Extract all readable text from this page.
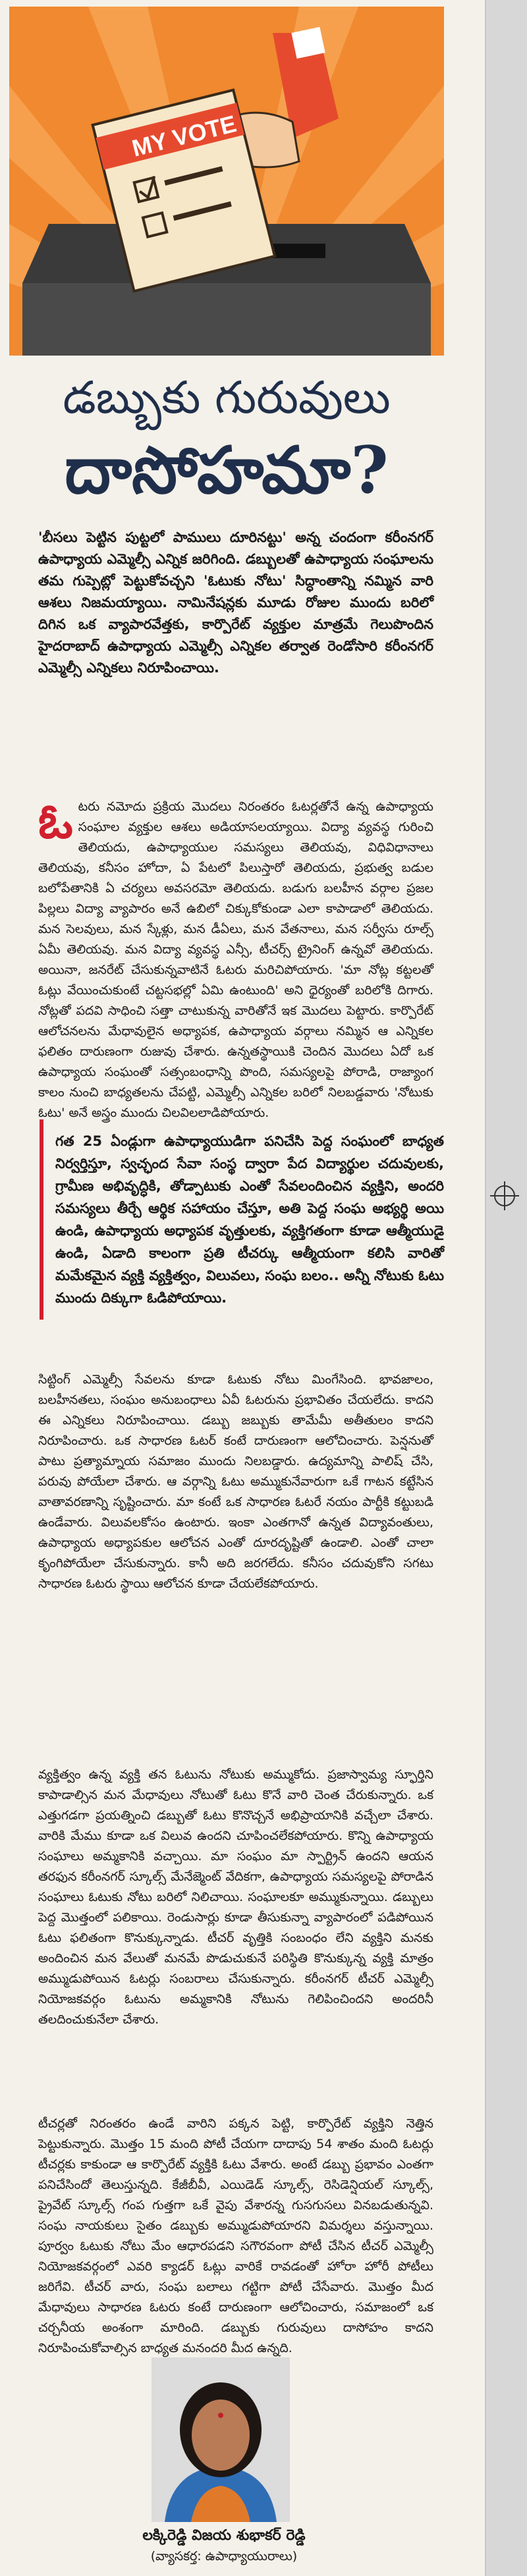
MY VOTE
డబ్బుకు గురువులు
దాసోహమా?
'బీసలు పెట్టిన పుట్టలో పాములు దూరినట్టు' అన్న చందంగా కరీంనగర్ ఉపాధ్యాయ ఎమ్మెల్సీ ఎన్నిక జరిగింది. డబ్బులతో ఉపాధ్యాయ సంఘాలను తమ గుప్పెట్లో పెట్టుకోవచ్చని 'ఓటుకు నోటు' సిద్ధాంతాన్ని నమ్మిన వారి ఆశలు నిజమయ్యాయి. నామినేషన్లకు మూడు రోజుల ముందు బరిలో దిగిన ఒక వ్యాపారవేత్తకు, కార్పొరేట్ వ్యక్తుల మాత్రమే గెలుపొందిన హైదరాబాద్ ఉపాధ్యాయ ఎమ్మెల్సీ ఎన్నికల తర్వాత రెండోసారి కరీంనగర్ ఎమ్మెల్సీ ఎన్నికలు నిరూపించాయి.
ఓ టరు నమోదు ప్రక్రియ మొదలు నిరంతరం ఓటర్లతోనే ఉన్న ఉపాధ్యాయ సంఘాల వ్యక్తుల ఆశలు అడియాసలయ్యాయి. విద్యా వ్యవస్థ గురించి తెలియదు, ఉపాధ్యాయుల సమస్యలు తెలియవు, విధివిధానాలు తెలియవు, కనీసం హోదా, ఏ పేటలో పిలుస్తారో తెలియదు, ప్రభుత్వ బడుల బలోపేతానికి ఏ చర్యలు అవసరమో తెలియదు. బడుగు బలహీన వర్గాల ప్రజల పిల్లలు విద్యా వ్యాపారం అనే ఉబిలో చిక్కుకోకుండా ఎలా కాపాడాలో తెలియదు. మన సెలవులు, మన స్కేళ్లు, మన డీఏలు, మన వేతనాలు, మన సర్వీసు రూల్స్ ఏమీ తెలియవు. మన విద్యా వ్యవస్థ ఎన్సీ, టీచర్స్ ట్రైనింగ్ ఉన్నవో తెలియదు. అయినా, జనరేట్ చేసుకున్నవాటినే ఓటరు మరిచిపోయారు. 'మా నోట్ల కట్టలతో ఓట్లు వేయించుకుంటే చట్టసభల్లో ఏమి ఉంటుంది' అని ధైర్యంతో బరిలోకి దిగారు. నోట్లతో పదవి సాధించి సత్తా చాటుకున్న వారితోనే ఇక మొదలు పెట్టారు. కార్పొరేట్ ఆలోచనలను మేధావులైన అధ్యాపక, ఉపాధ్యాయ వర్గాలు నమ్మిన ఆ ఎన్నికల ఫలితం దారుణంగా రుజువు చేశారు. ఉన్నతస్థాయికి చెందిన మొదలు ఏదో ఒక ఉపాధ్యాయ సంఘంతో సత్సంబంధాన్ని పొంది, సమస్యలపై పోరాడి, రాజ్యాంగ కాలం నుంచి బాధ్యతలను చేపట్టి, ఎమ్మెల్సీ ఎన్నికల బరిలో నిలబడ్డవారు 'నోటుకు ఓటు' అనే అస్త్రం ముందు చిలవిలలాడిపోయారు.
గత 25 ఏండ్లుగా ఉపాధ్యాయుడిగా పనిచేసి పెద్ద సంఘంలో బాధ్యత నిర్వర్తిస్తూ, స్వచ్ఛంద సేవా సంస్థ ద్వారా పేద విద్యార్థుల చదువులకు, గ్రామీణ అభివృద్ధికి, తోడ్పాటుకు ఎంతో సేవలందించిన వ్యక్తిని, అందరి సమస్యలు తీర్చే ఆర్థిక సహాయం చేస్తూ, అతి పెద్ద సంఘ అభ్యర్థి అయి ఉండి, ఉపాధ్యాయ అధ్యాపక వృత్తులకు, వ్యక్తిగతంగా కూడా ఆత్మీయుడై ఉండి, ఏడాది కాలంగా ప్రతి టీచర్కు ఆత్మీయంగా కలిసి వారితో మమేకమైన వ్యక్తి వ్యక్తిత్వం, విలువలు, సంఘ బలం.. అన్నీ నోటుకు ఓటు ముందు దిక్కుగా ఓడిపోయాయి.
సిట్టింగ్ ఎమ్మెల్సీ సేవలను కూడా ఓటుకు నోటు మింగేసింది. భావజాలం, బలహీనతలు, సంఘం అనుబంధాలు ఏవీ ఓటరును ప్రభావితం చేయలేదు. కాదని ఈ ఎన్నికలు నిరూపించాయి. డబ్బు జబ్బుకు తామేమీ అతీతులం కాదని నిరూపించారు. ఒక సాధారణ ఓటర్ కంటే దారుణంగా ఆలోచించారు. పెన్షనుతో పాటు ప్రత్యామ్నాయ సమాజం ముందు నిలబడ్డారు. ఉద్యమాన్ని పాలిష్ చేసి, పరువు పోయేలా చేశారు. ఆ వర్గాన్ని ఓటు అమ్ముకునేవారుగా ఒకే గాటన కట్టేసిన వాతావరణాన్ని సృష్టించారు. మా కంటే ఒక సాధారణ ఓటరే నయం పార్టీకి కట్టుబడి ఉండేవారు. విలువలకోసం ఉంటారు. ఇంకా ఎంతగానో ఉన్నత విద్యావంతులు, ఉపాధ్యాయ అధ్యాపకుల ఆలోచన ఎంతో దూరదృష్టితో ఉండాలి. ఎంతో చాలా కృంగిపోయేలా చేసుకున్నారు. కానీ అది జరగలేదు. కనీసం చదువుకోని సగటు సాధారణ ఓటరు స్థాయి ఆలోచన కూడా చేయలేకపోయారు.
వ్యక్తిత్వం ఉన్న వ్యక్తి తన ఓటును నోటుకు అమ్ముకోదు. ప్రజాస్వామ్య స్ఫూర్తిని కాపాడాల్సిన మన మేధావులు నోటుతో ఓటు కొనే వారి చెంత చేరుకున్నారు. ఒక ఎత్తుగడగా ప్రయత్నించి డబ్బుతో ఓటు కొనొచ్చనే అభిప్రాయానికి వచ్చేలా చేశారు. వారికి మేము కూడా ఒక విలువ ఉందని చూపించలేకపోయారు. కొన్ని ఉపాధ్యాయ సంఘాలు అమ్మకానికి వచ్చాయి. మా సంఘం మా స్పార్ట్రిన్ ఉందని ఆయన తరఫున కరీంనగర్ స్కూల్స్ మేనేజ్మెంట్ వేదికగా, ఉపాధ్యాయ సమస్యలపై పోరాడిన సంఘాలు ఓటుకు నోటు బరిలో నిలిచాయి. సంఘాలకూ అమ్ముకున్నాయి. డబ్బులు పెద్ద మొత్తంలో పలికాయి. రెండుసార్లు కూడా తీసుకున్నా వ్యాపారంలో పడిపోయిన ఓటు ఫలితంగా కొనుక్కున్నాడు. టీచర్ వృత్తికి సంబంధం లేని వ్యక్తిని మనకు అందించిన మన వేలుతో మనమే పొడుచుకునే పరిస్థితి కొనుక్కున్న వ్యక్తి మాత్రం అమ్ముడుపోయిన ఓటర్లు సంబరాలు చేసుకున్నారు. కరీంనగర్ టీచర్ ఎమ్మెల్సీ నియోజకవర్గం ఓటును అమ్మకానికి నోటును గెలిపించిందని అందరినీ తలదించుకునేలా చేశారు.
టీచర్లతో నిరంతరం ఉండే వారిని పక్కన పెట్టి, కార్పొరేట్ వ్యక్తిని నెత్తిన పెట్టుకున్నారు. మొత్తం 15 మంది పోటీ చేయగా దాదాపు 54 శాతం మంది ఓటర్లు టీచర్లకు కాకుండా ఆ కార్పొరేట్ వ్యక్తికి ఓటు వేశారు. అంటే డబ్బు ప్రభావం ఎంతగా పనిచేసిందో తెలుస్తున్నది. కేజీబీవీ, ఎయిడెడ్ స్కూల్స్, రెసిడెన్షియల్ స్కూల్స్, ప్రైవేట్ స్కూల్స్ గంప గుత్తగా ఒకే వైపు వేశారన్న గుసగుసలు వినబడుతున్నవి. సంఘ నాయకులు సైతం డబ్బుకు అమ్ముడుపోయారని విమర్శలు వస్తున్నాయి. పూర్వం ఓటుకు నోటు మేం ఆధారపడని సగౌరవంగా పోటీ చేసిన టీచర్ ఎమ్మెల్సీ నియోజకవర్గంలో ఎవరి క్యాడర్ ఓట్లు వారికే రావడంతో హోరా హోరీ పోటీలు జరిగేవి. టీచర్ వారు, సంఘ బలాలు గట్టిగా పోటీ చేసేవారు. మొత్తం మీద మేధావులు సాధారణ ఓటరు కంటే దారుణంగా ఆలోచించారు, సమాజంలో ఒక చర్చనీయ అంశంగా మారింది. డబ్బుకు గురువులు దాసోహం కాదని నిరూపించుకోవాల్సిన బాధ్యత మనందరి మీద ఉన్నది.
లక్కిరెడ్డి విజయ శుభాకర్ రెడ్డి
(వ్యాసకర్త: ఉపాధ్యాయురాలు)
